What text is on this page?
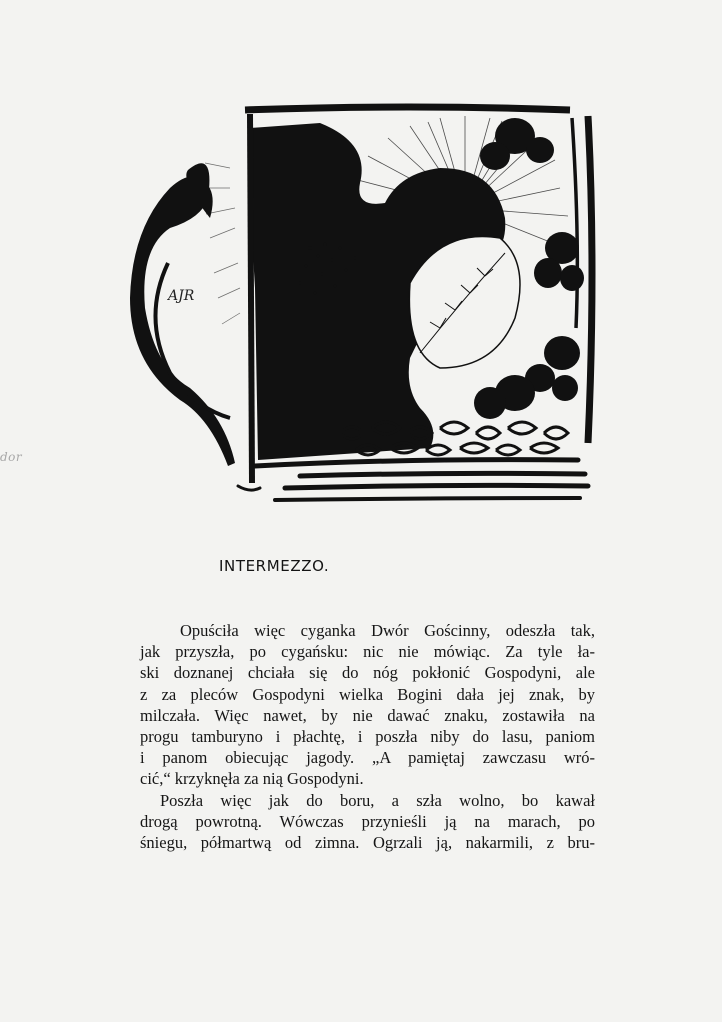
dor
AJR
INTERMEZZO.
Opuściła więc cyganka Dwór Gościnny, odeszła tak,
jak przyszła, po cygańsku: nic nie mówiąc. Za tyle ła-
ski doznanej chciała się do nóg pokłonić Gospodyni, ale
z za pleców Gospodyni wielka Bogini dała jej znak, by
milczała. Więc nawet, by nie dawać znaku, zostawiła na
progu tamburyno i płachtę, i poszła niby do lasu, paniom
i panom obiecując jagody. „A pamiętaj zawczasu wró-
cić,“ krzyknęła za nią Gospodyni.
Poszła więc jak do boru, a szła wolno, bo kawał
drogą powrotną. Wówczas przynieśli ją na marach, po
śniegu, półmartwą od zimna. Ogrzali ją, nakarmili, z bru-
